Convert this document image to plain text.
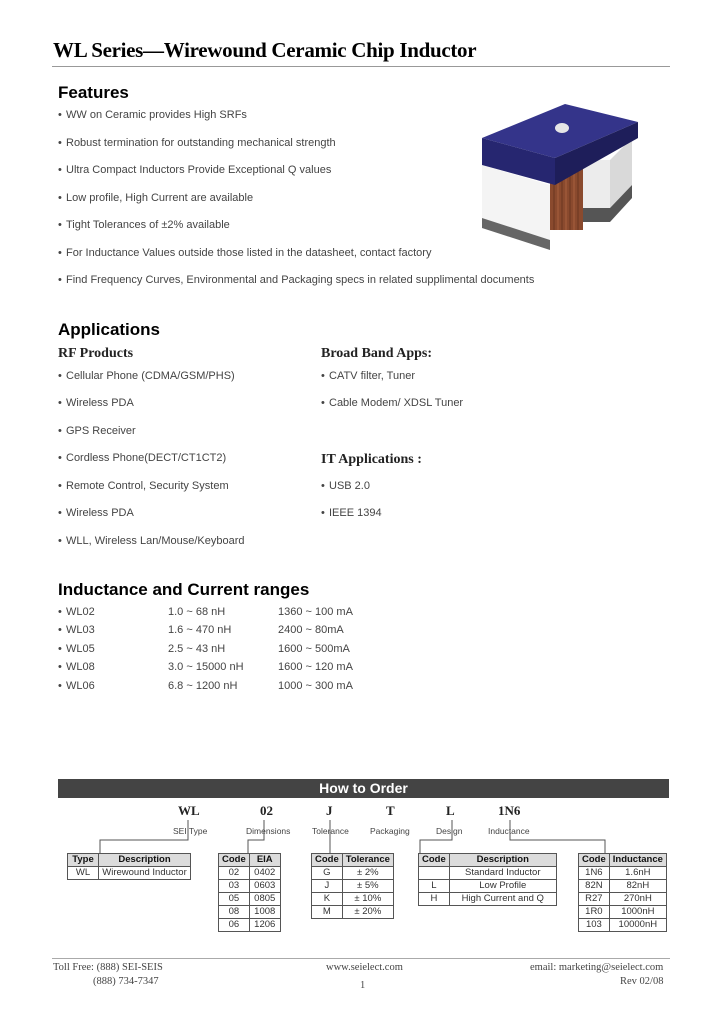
WL Series—Wirewound Ceramic Chip Inductor
Features
• WW on Ceramic provides High SRFs
• Robust termination for outstanding mechanical strength
• Ultra Compact Inductors Provide Exceptional Q values
• Low profile, High Current are available
• Tight Tolerances of ±2% available
• For Inductance Values outside those listed in the datasheet, contact factory
• Find Frequency Curves, Environmental and Packaging specs in related supplimental documents
Applications
RF Products
• Cellular Phone (CDMA/GSM/PHS)
• Wireless PDA
• GPS Receiver
• Cordless Phone(DECT/CT1CT2)
• Remote Control, Security System
• Wireless PDA
• WLL, Wireless Lan/Mouse/Keyboard
Broad Band Apps:
• CATV filter, Tuner
• Cable Modem/ XDSL Tuner
IT Applications :
• USB 2.0
• IEEE 1394
Inductance and Current ranges
• WL02	1.0 ~ 68 nH	1360 ~ 100 mA
• WL03	1.6 ~ 470 nH	2400 ~ 80mA
• WL05	2.5 ~ 43 nH	1600 ~ 500mA
• WL08	3.0 ~ 15000 nH	1600 ~ 120 mA
• WL06	6.8 ~ 1200 nH	1000 ~ 300 mA
How to Order
WL	02	J	T	L	1N6
SEI Type	Dimensions	Tolerance Packaging	Design	Inductance
Type	Description
WL	Wirewound Inductor
Code	EIA
02	0402
03	0603
05	0805
08	1008
06	1206
Code	Tolerance
G	± 2%
J	± 5%
K	± 10%
M	± 20%
Code	Description
	Standard Inductor
L	Low Profile
H	High Current and Q
Code	Inductance
1N6	1.6nH
82N	82nH
R27	270nH
1R0	1000nH
103	10000nH
Toll Free: (888) SEI-SEIS
(888) 734-7347
www.seielect.com
1
email: marketing@seielect.com
Rev 02/08
